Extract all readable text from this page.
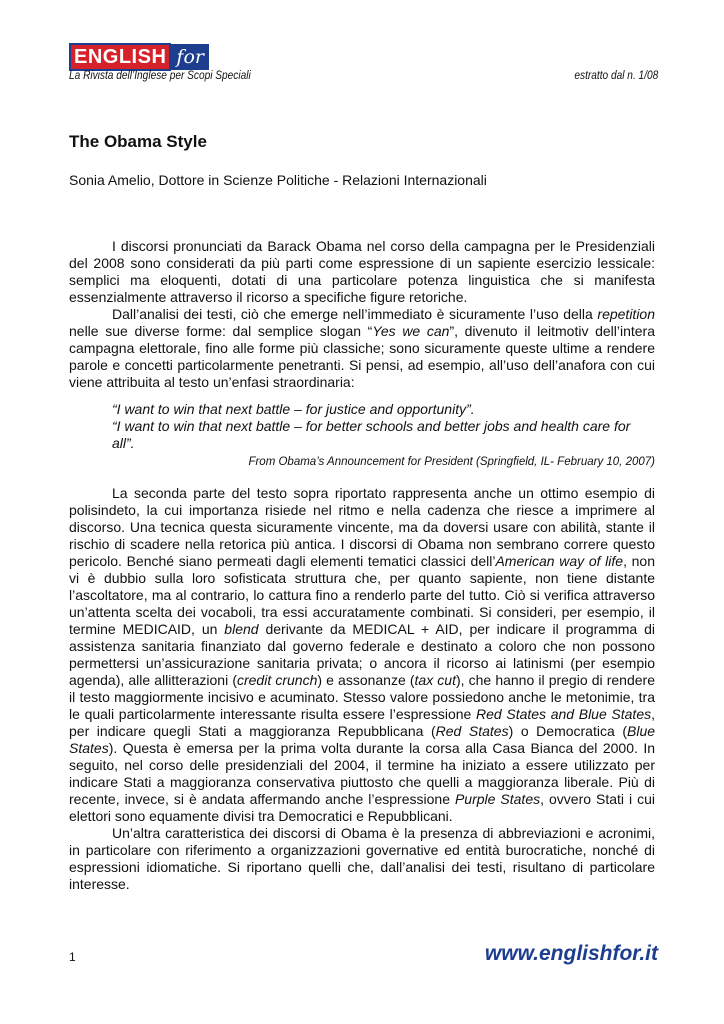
ENGLISH for
La Rivista dell’Inglese per Scopi Speciali	estratto dal n. 1/08
The Obama Style
Sonia Amelio, Dottore in Scienze Politiche - Relazioni Internazionali

I discorsi pronunciati da Barack Obama nel corso della campagna per le Presidenziali del 2008 sono considerati da più parti come espressione di un sapiente esercizio lessicale: semplici ma eloquenti, dotati di una particolare potenza linguistica che si manifesta essenzialmente attraverso il ricorso a specifiche figure retoriche.

Dall’analisi dei testi, ciò che emerge nell’immediato è sicuramente l’uso della repetition nelle sue diverse forme: dal semplice slogan “Yes we can”, divenuto il leitmotiv dell’intera campagna elettorale, fino alle forme più classiche; sono sicuramente queste ultime a rendere parole e concetti particolarmente penetranti. Si pensi, ad esempio, all’uso dell’anafora con cui viene attribuita al testo un’enfasi straordinaria:

“I want to win that next battle – for justice and opportunity”.
“I want to win that next battle – for better schools and better jobs and health care for all”.
From Obama’s Announcement for President (Springfield, IL- February 10, 2007)

La seconda parte del testo sopra riportato rappresenta anche un ottimo esempio di polisindeto, la cui importanza risiede nel ritmo e nella cadenza che riesce a imprimere al discorso. Una tecnica questa sicuramente vincente, ma da doversi usare con abilità, stante il rischio di scadere nella retorica più antica. I discorsi di Obama non sembrano correre questo pericolo. Benché siano permeati dagli elementi tematici classici dell’American way of life, non vi è dubbio sulla loro sofisticata struttura che, per quanto sapiente, non tiene distante l’ascoltatore, ma al contrario, lo cattura fino a renderlo parte del tutto. Ciò si verifica attraverso un’attenta scelta dei vocaboli, tra essi accuratamente combinati. Si consideri, per esempio, il termine MEDICAID, un blend derivante da MEDICAL + AID, per indicare il programma di assistenza sanitaria finanziato dal governo federale e destinato a coloro che non possono permettersi un’assicurazione sanitaria privata; o ancora il ricorso ai latinismi (per esempio agenda), alle allitterazioni (credit crunch) e assonanze (tax cut), che hanno il pregio di rendere il testo maggiormente incisivo e acuminato. Stesso valore possiedono anche le metonimie, tra le quali particolarmente interessante risulta essere l’espressione Red States and Blue States, per indicare quegli Stati a maggioranza Repubblicana (Red States) o Democratica (Blue States). Questa è emersa per la prima volta durante la corsa alla Casa Bianca del 2000. In seguito, nel corso delle presidenziali del 2004, il termine ha iniziato a essere utilizzato per indicare Stati a maggioranza conservativa piuttosto che quelli a maggioranza liberale. Più di recente, invece, si è andata affermando anche l’espressione Purple States, ovvero Stati i cui elettori sono equamente divisi tra Democratici e Repubblicani.

Un’altra caratteristica dei discorsi di Obama è la presenza di abbreviazioni e acronimi, in particolare con riferimento a organizzazioni governative ed entità burocratiche, nonché di espressioni idiomatiche. Si riportano quelli che, dall’analisi dei testi, risultano di particolare interesse.

1	www.englishfor.it
